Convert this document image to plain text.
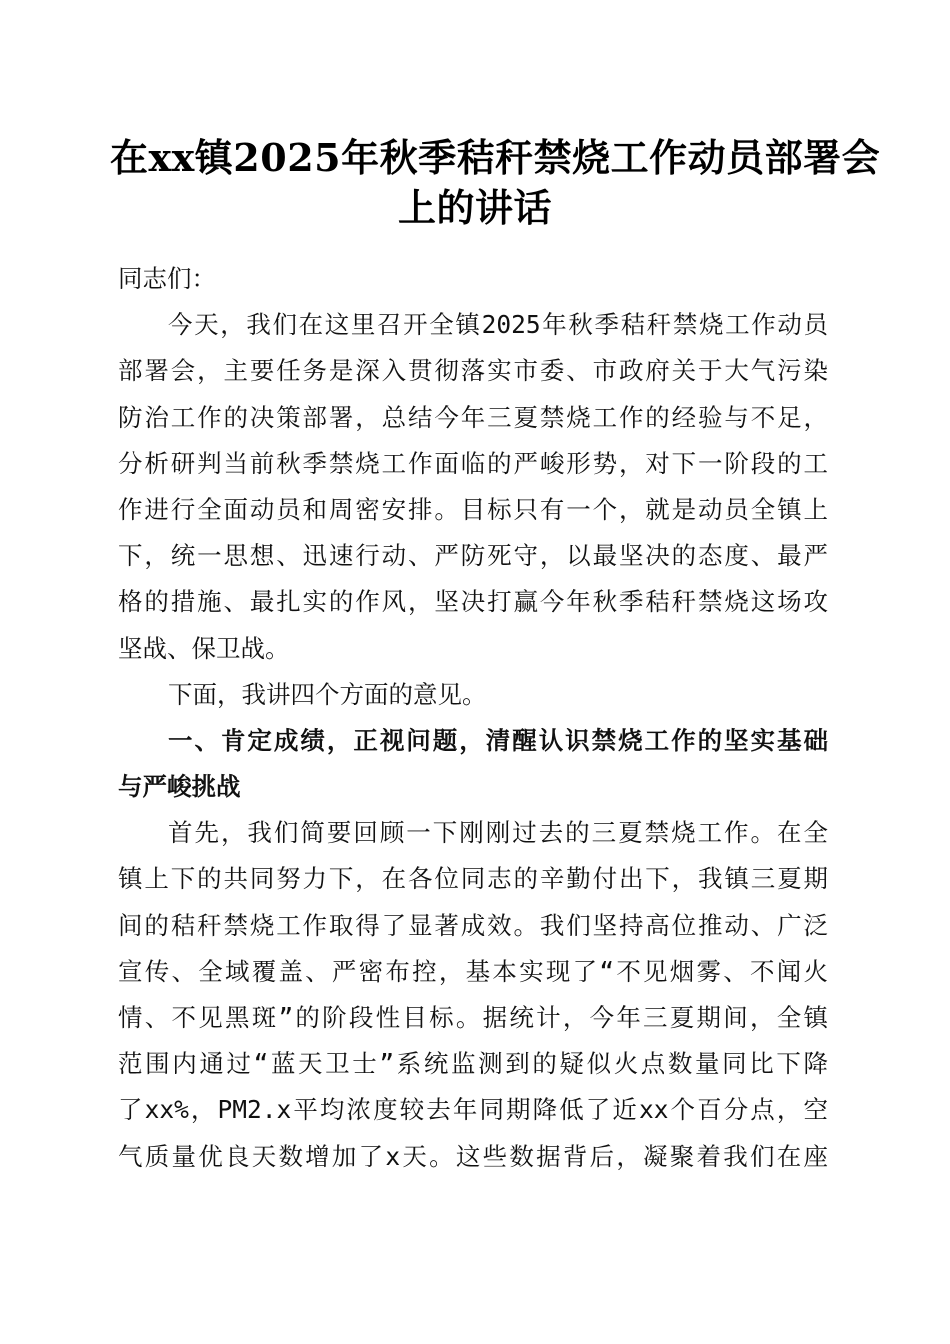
在xx镇2025年秋季秸秆禁烧工作动员部署会
上的讲话
同志们：
今天，我们在这里召开全镇2025年秋季秸秆禁烧工作动员
部署会，主要任务是深入贯彻落实市委、市政府关于大气污染
防治工作的决策部署，总结今年三夏禁烧工作的经验与不足，
分析研判当前秋季禁烧工作面临的严峻形势，对下一阶段的工
作进行全面动员和周密安排。目标只有一个，就是动员全镇上
下，统一思想、迅速行动、严防死守，以最坚决的态度、最严
格的措施、最扎实的作风，坚决打赢今年秋季秸秆禁烧这场攻
坚战、保卫战。
下面，我讲四个方面的意见。
一、肯定成绩，正视问题，清醒认识禁烧工作的坚实基础
与严峻挑战
首先，我们简要回顾一下刚刚过去的三夏禁烧工作。在全
镇上下的共同努力下，在各位同志的辛勤付出下，我镇三夏期
间的秸秆禁烧工作取得了显著成效。我们坚持高位推动、广泛
宣传、全域覆盖、严密布控，基本实现了“不见烟雾、不闻火
情、不见黑斑”的阶段性目标。据统计，今年三夏期间，全镇
范围内通过“蓝天卫士”系统监测到的疑似火点数量同比下降
了xx%，PM2.x平均浓度较去年同期降低了近xx个百分点，空
气质量优良天数增加了x天。这些数据背后，凝聚着我们在座
